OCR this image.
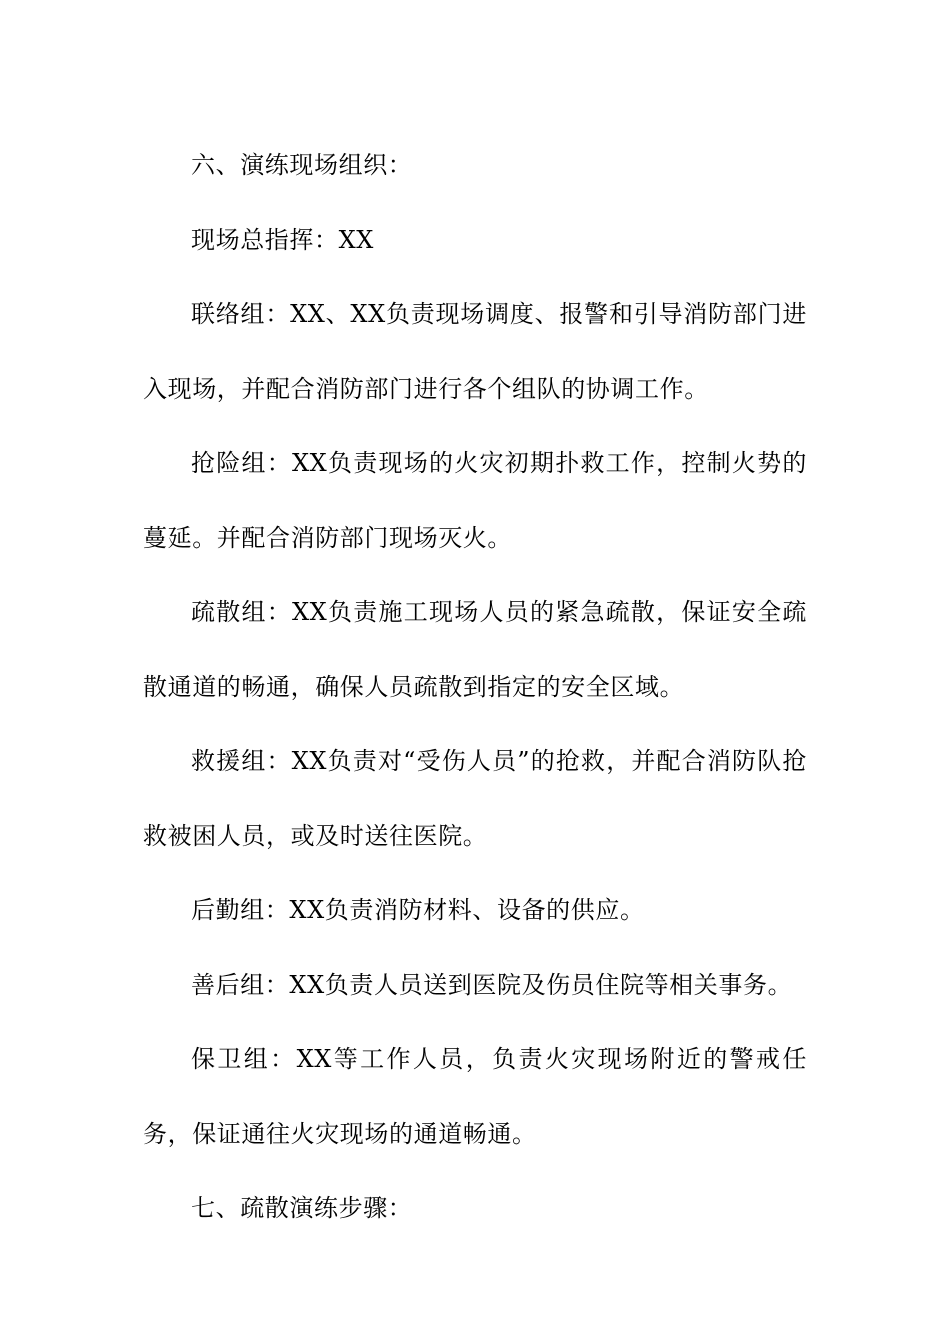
六、演练现场组织：

现场总指挥：XX

联络组：XX、XX负责现场调度、报警和引导消防部门进入现场，并配合消防部门进行各个组队的协调工作。

抢险组：XX负责现场的火灾初期扑救工作，控制火势的蔓延。并配合消防部门现场灭火。

疏散组：XX负责施工现场人员的紧急疏散，保证安全疏散通道的畅通，确保人员疏散到指定的安全区域。

救援组：XX负责对“受伤人员”的抢救，并配合消防队抢救被困人员，或及时送往医院。

后勤组：XX负责消防材料、设备的供应。

善后组：XX负责人员送到医院及伤员住院等相关事务。

保卫组：XX等工作人员，负责火灾现场附近的警戒任务，保证通往火灾现场的通道畅通。

七、疏散演练步骤：
